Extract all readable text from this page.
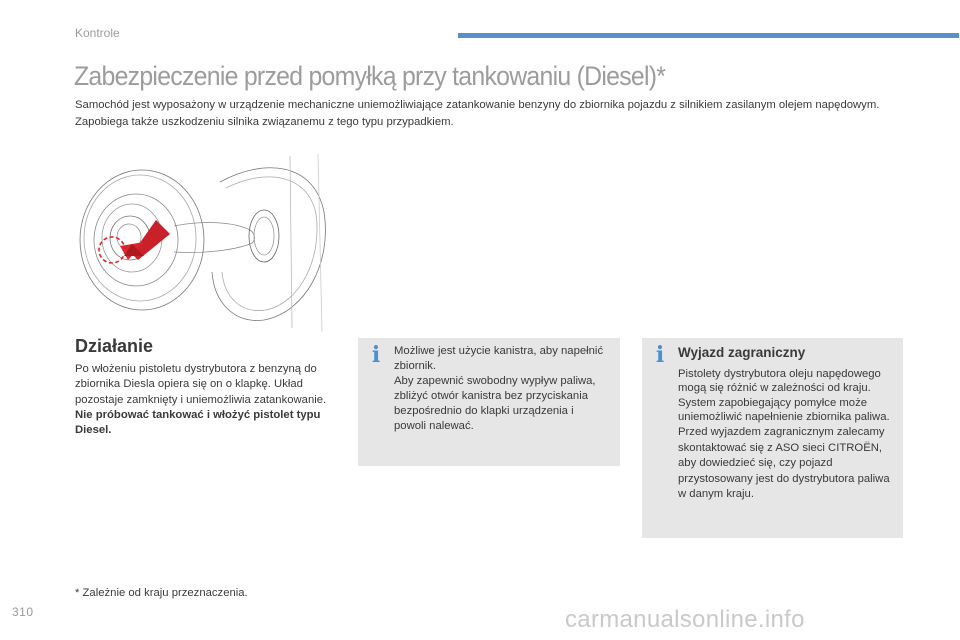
Kontrole
Zabezpieczenie przed pomyłką przy tankowaniu (Diesel)*

Samochód jest wyposażony w urządzenie mechaniczne uniemożliwiające zatankowanie benzyny do zbiornika pojazdu z silnikiem zasilanym olejem napędowym. Zapobiega także uszkodzeniu silnika związanemu z tego typu przypadkiem.

Działanie

Po włożeniu pistoletu dystrybutora z benzyną do zbiornika Diesla opiera się on o klapkę. Układ pozostaje zamknięty i uniemożliwia zatankowanie.

Nie próbować tankować i włożyć pistolet typu Diesel.

i	Możliwe jest użycie kanistra, aby napełnić zbiornik.

Aby zapewnić swobodny wypływ paliwa, zbliżyć otwór kanistra bez przyciskania bezpośrednio do klapki urządzenia i powoli nalewać.

i	Wyjazd zagraniczny

Pistolety dystrybutora oleju napędowego mogą się różnić w zależności od kraju. System zapobiegający pomyłce może uniemożliwić napełnienie zbiornika paliwa.

Przed wyjazdem zagranicznym zalecamy skontaktować się z ASO sieci CITROËN, aby dowiedzieć się, czy pojazd przystosowany jest do dystrybutora paliwa w danym kraju.

* Zależnie od kraju przeznaczenia.

310	carmanualsonline.info
